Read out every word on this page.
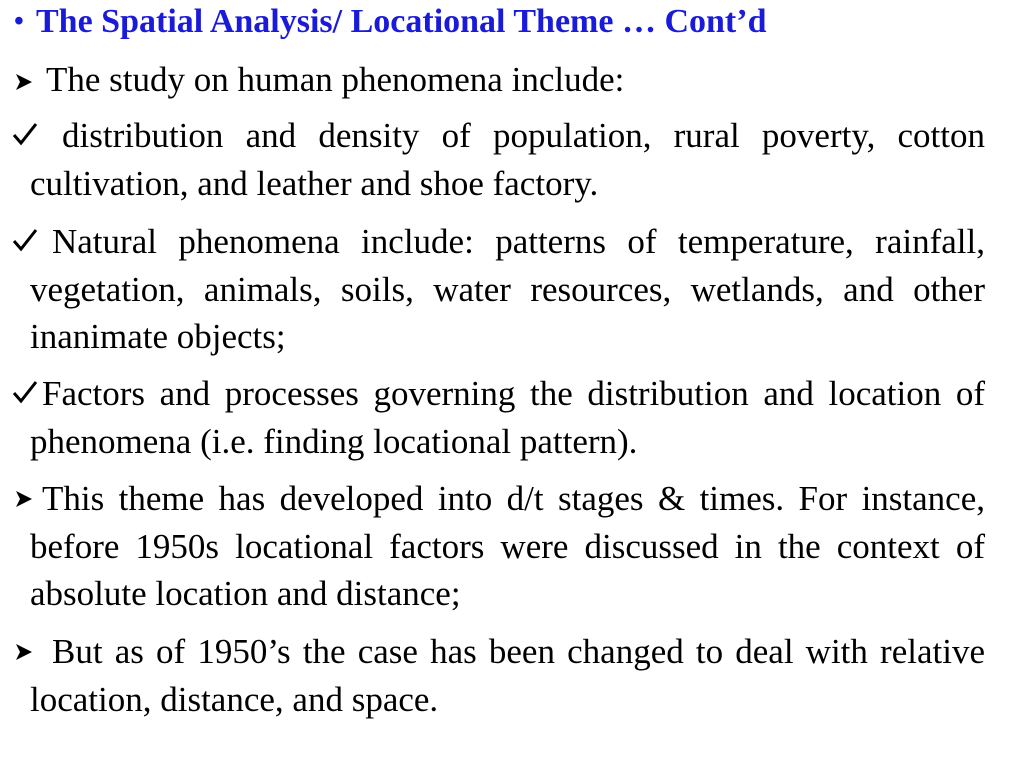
• The Spatial Analysis/ Locational Theme … Cont’d
The study on human phenomena include:
distribution and density of population, rural poverty, cotton cultivation, and leather and shoe factory.
Natural phenomena include: patterns of temperature, rainfall, vegetation, animals, soils, water resources, wetlands, and other inanimate objects;
Factors and processes governing the distribution and location of phenomena (i.e. finding locational pattern).
This theme has developed into d/t stages & times. For instance, before 1950s locational factors were discussed in the context of absolute location and distance;
But as of 1950’s the case has been changed to deal with relative location, distance, and space.
